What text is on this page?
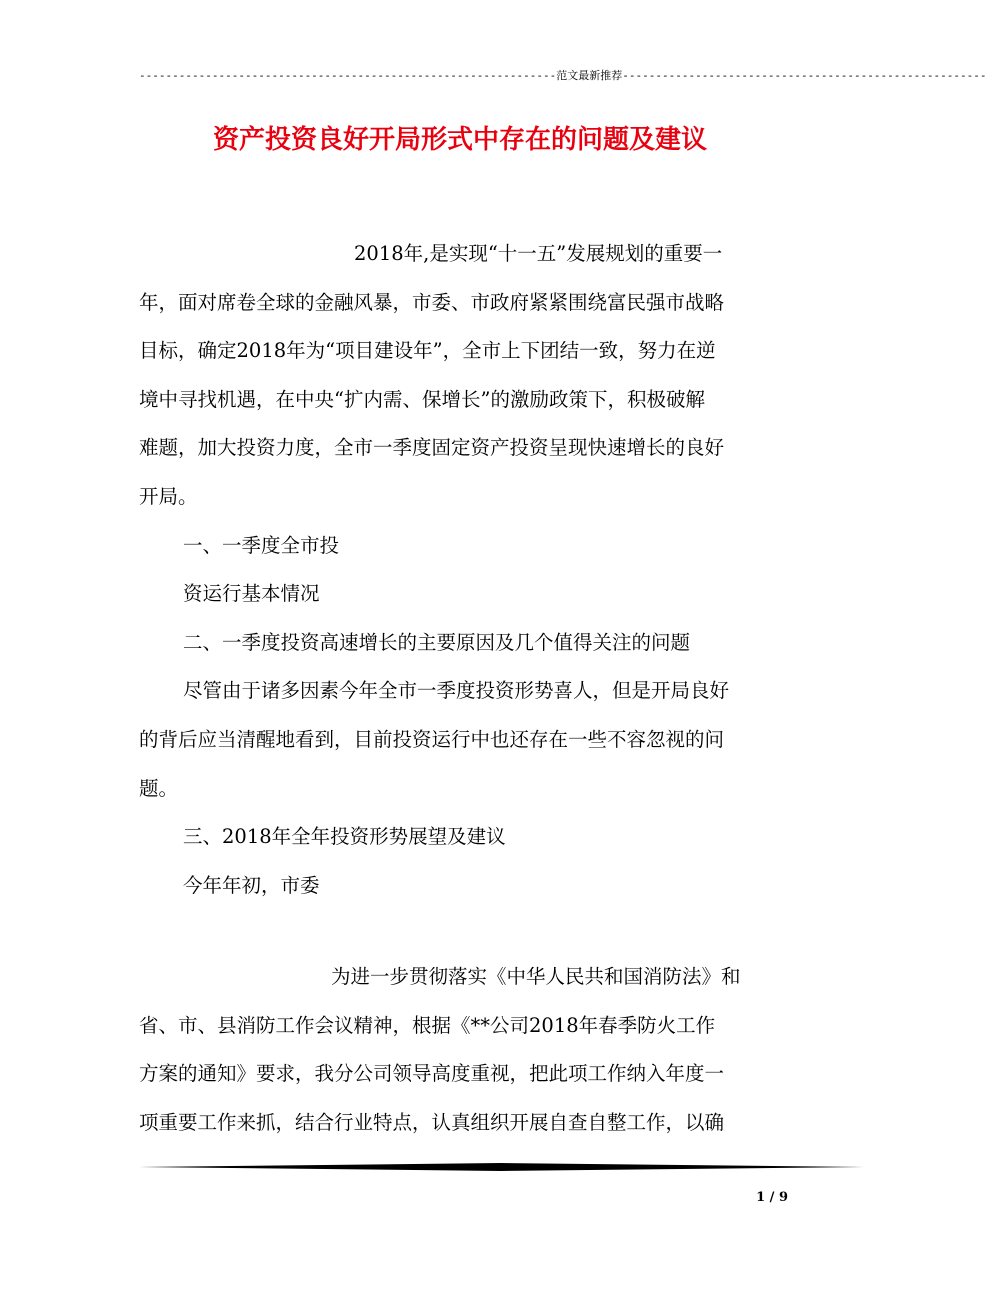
---------------------------------------------------------------范文最新推荐-------------------------------------------------------
资产投资良好开局形式中存在的问题及建议
2018年,是实现“十一五”发展规划的重要一
年，面对席卷全球的金融风暴，市委、市政府紧紧围绕富民强市战略
目标，确定2018年为“项目建设年”，全市上下团结一致，努力在逆
境中寻找机遇，在中央“扩内需、保增长”的激励政策下，积极破解
难题，加大投资力度，全市一季度固定资产投资呈现快速增长的良好
开局。
一、一季度全市投
资运行基本情况
二、一季度投资高速增长的主要原因及几个值得关注的问题
尽管由于诸多因素今年全市一季度投资形势喜人，但是开局良好
的背后应当清醒地看到，目前投资运行中也还存在一些不容忽视的问
题。
三、2018年全年投资形势展望及建议
今年年初，市委
为进一步贯彻落实《中华人民共和国消防法》和
省、市、县消防工作会议精神，根据《**公司2018年春季防火工作
方案的通知》要求，我分公司领导高度重视，把此项工作纳入年度一
项重要工作来抓，结合行业特点，认真组织开展自查自整工作，以确
1 / 9
